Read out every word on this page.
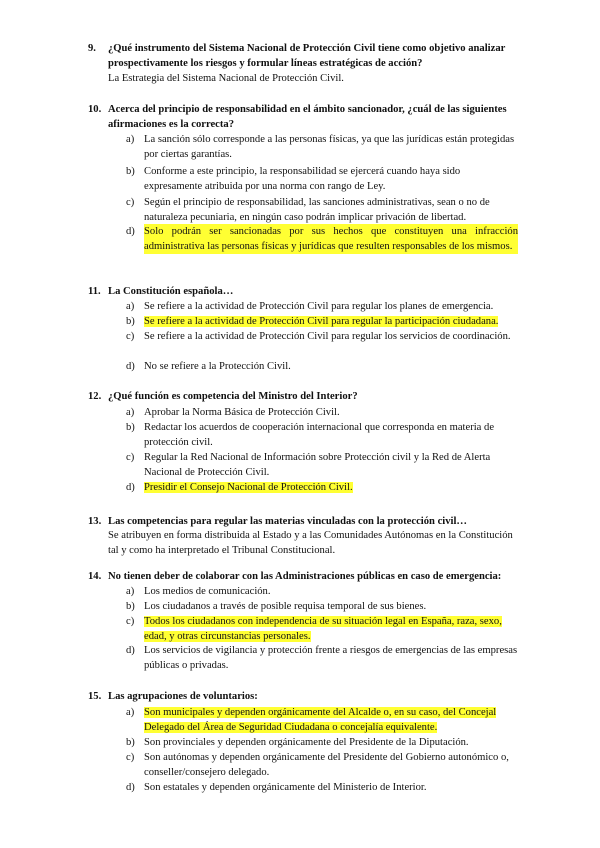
9. ¿Qué instrumento del Sistema Nacional de Protección Civil tiene como objetivo analizar prospectivamente los riesgos y formular líneas estratégicas de acción?
La Estrategia del Sistema Nacional de Protección Civil.
10. Acerca del principio de responsabilidad en el ámbito sancionador, ¿cuál de las siguientes afirmaciones es la correcta?
a) La sanción sólo corresponde a las personas físicas, ya que las jurídicas están protegidas por ciertas garantías.
b) Conforme a este principio, la responsabilidad se ejercerá cuando haya sido expresamente atribuida por una norma con rango de Ley.
c) Según el principio de responsabilidad, las sanciones administrativas, sean o no de naturaleza pecuniaria, en ningún caso podrán implicar privación de libertad.
d) Solo podrán ser sancionadas por sus hechos que constituyen una infracción administrativa las personas físicas y jurídicas que resulten responsables de los mismos.
11. La Constitución española…
a) Se refiere a la actividad de Protección Civil para regular los planes de emergencia.
b) Se refiere a la actividad de Protección Civil para regular la participación ciudadana.
c) Se refiere a la actividad de Protección Civil para regular los servicios de coordinación.
d) No se refiere a la Protección Civil.
12. ¿Qué función es competencia del Ministro del Interior?
a) Aprobar la Norma Básica de Protección Civil.
b) Redactar los acuerdos de cooperación internacional que corresponda en materia de protección civil.
c) Regular la Red Nacional de Información sobre Protección civil y la Red de Alerta Nacional de Protección Civil.
d) Presidir el Consejo Nacional de Protección Civil.
13. Las competencias para regular las materias vinculadas con la protección civil…
Se atribuyen en forma distribuida al Estado y a las Comunidades Autónomas en la Constitución tal y como ha interpretado el Tribunal Constitucional.
14. No tienen deber de colaborar con las Administraciones públicas en caso de emergencia:
a) Los medios de comunicación.
b) Los ciudadanos a través de posible requisa temporal de sus bienes.
c) Todos los ciudadanos con independencia de su situación legal en España, raza, sexo, edad, y otras circunstancias personales.
d) Los servicios de vigilancia y protección frente a riesgos de emergencias de las empresas públicas o privadas.
15. Las agrupaciones de voluntarios:
a) Son municipales y dependen orgánicamente del Alcalde o, en su caso, del Concejal Delegado del Área de Seguridad Ciudadana o concejalía equivalente.
b) Son provinciales y dependen orgánicamente del Presidente de la Diputación.
c) Son autónomas y dependen orgánicamente del Presidente del Gobierno autonómico o, conseller/consejero delegado.
d) Son estatales y dependen orgánicamente del Ministerio de Interior.
